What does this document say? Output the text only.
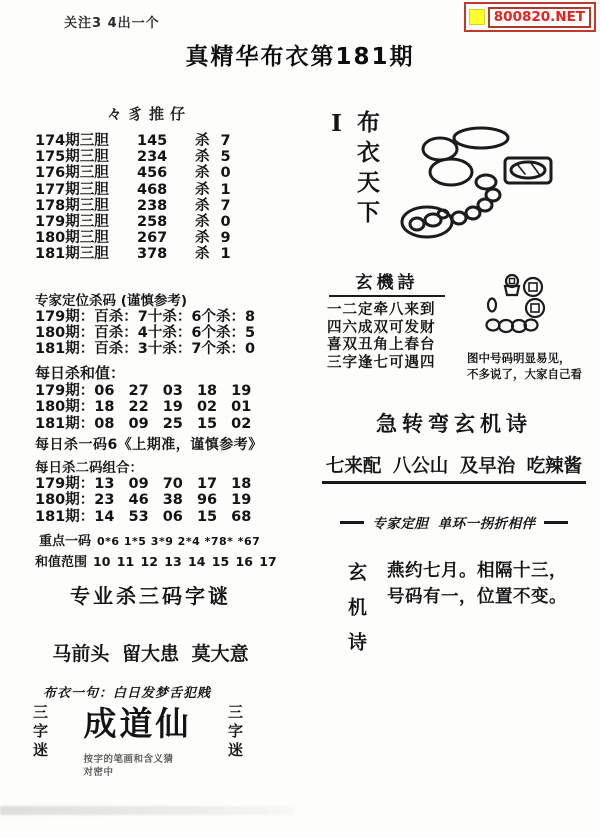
关注3 4出一个	800820.NET
真精华布衣第181期
々豸推仔
174期三胆	145	杀 7
175期三胆	234	杀 5
176期三胆	456	杀 0
177期三胆	468	杀 1
178期三胆	238	杀 7
179期三胆	258	杀 0
180期三胆	267	杀 9
181期三胆	378	杀 1
专家定位杀码 (谨慎参考)
179期：百杀：7十杀：6个杀：8
180期：百杀：4十杀：6个杀：5
181期：百杀：3十杀：7个杀：0
每日杀和值：
179期：06 27 03 18 19
180期：18 22 19 02 01
181期：08 09 25 15 02
每日杀一码6《上期准，谨慎参考》
每日杀二码组合：
179期：13 09 70 17 18
180期：23 46 38 96 19
181期：14 53 06 15 68
重点一码 0*6 1*5 3*9 2*4 *78* *67
和值范围 10 11 12 13 14 15 16 17
专业杀三码字谜
马前头 留大患 莫大意
布衣一句：白日发梦舌犯贱
三字迷 成道仙
按字的笔画和含义猜
对密中
三字迷
布衣天下I
玄機詩
一二定牵八来到
四六成双可发财
喜双丑角上春台
三字逢七可遇四	图中号码明显易见，
不多说了，大家自己看
急转弯玄机诗
七来配 八公山 及早治 吃辣酱
专家定胆 单环一拐折相伴
玄机诗 燕约七月。相隔十三，
号码有一，位置不变。
